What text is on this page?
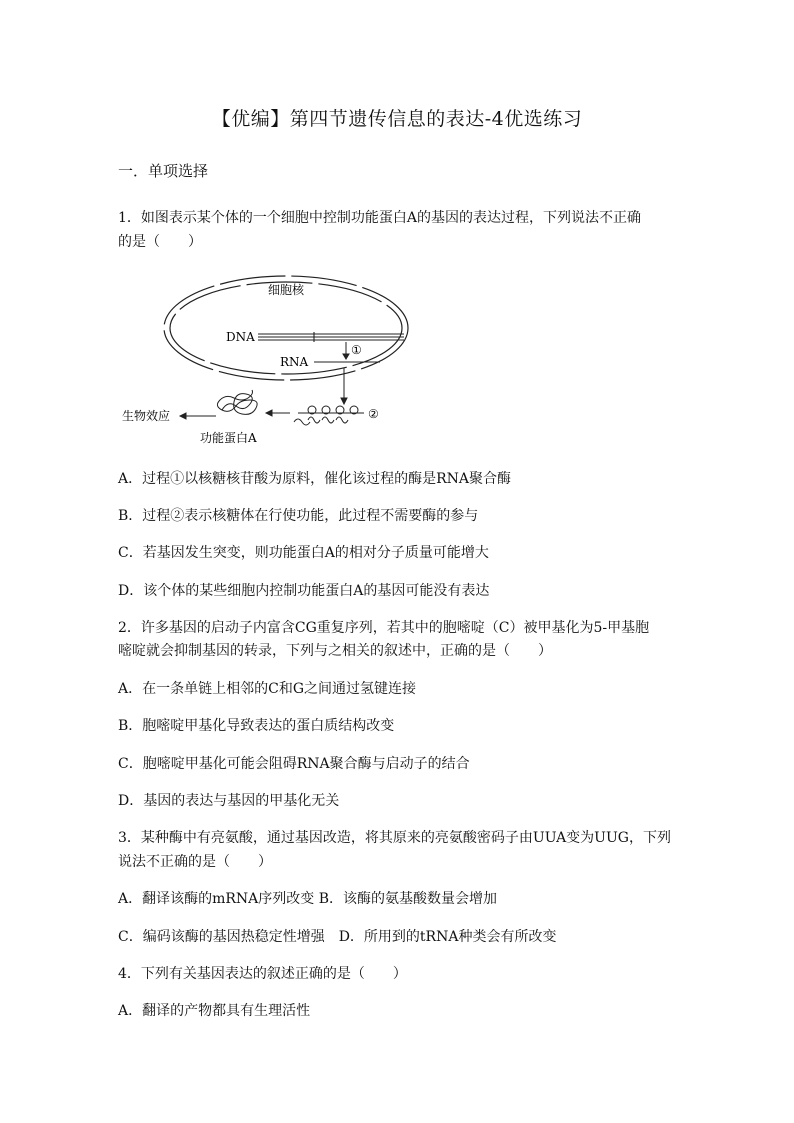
【优编】第四节遗传信息的表达-4优选练习
一．单项选择
1．如图表示某个体的一个细胞中控制功能蛋白A的基因的表达过程，下列说法不正确
的是（　　）
细胞核
DNA
①
RNA
②
功能蛋白A
生物效应
A．过程①以核糖核苷酸为原料，催化该过程的酶是RNA聚合酶
B．过程②表示核糖体在行使功能，此过程不需要酶的参与
C．若基因发生突变，则功能蛋白A的相对分子质量可能增大
D．该个体的某些细胞内控制功能蛋白A的基因可能没有表达
2．许多基因的启动子内富含CG重复序列，若其中的胞嘧啶（C）被甲基化为5-甲基胞
嘧啶就会抑制基因的转录，下列与之相关的叙述中，正确的是（　　）
A．在一条单链上相邻的C和G之间通过氢键连接
B．胞嘧啶甲基化导致表达的蛋白质结构改变
C．胞嘧啶甲基化可能会阻碍RNA聚合酶与启动子的结合
D．基因的表达与基因的甲基化无关
3．某种酶中有亮氨酸，通过基因改造，将其原来的亮氨酸密码子由UUA变为UUG，下列
说法不正确的是（　　）
A．翻译该酶的mRNA序列改变 B．该酶的氨基酸数量会增加
C．编码该酶的基因热稳定性增强　D．所用到的tRNA种类会有所改变
4．下列有关基因表达的叙述正确的是（　　）
A．翻译的产物都具有生理活性
